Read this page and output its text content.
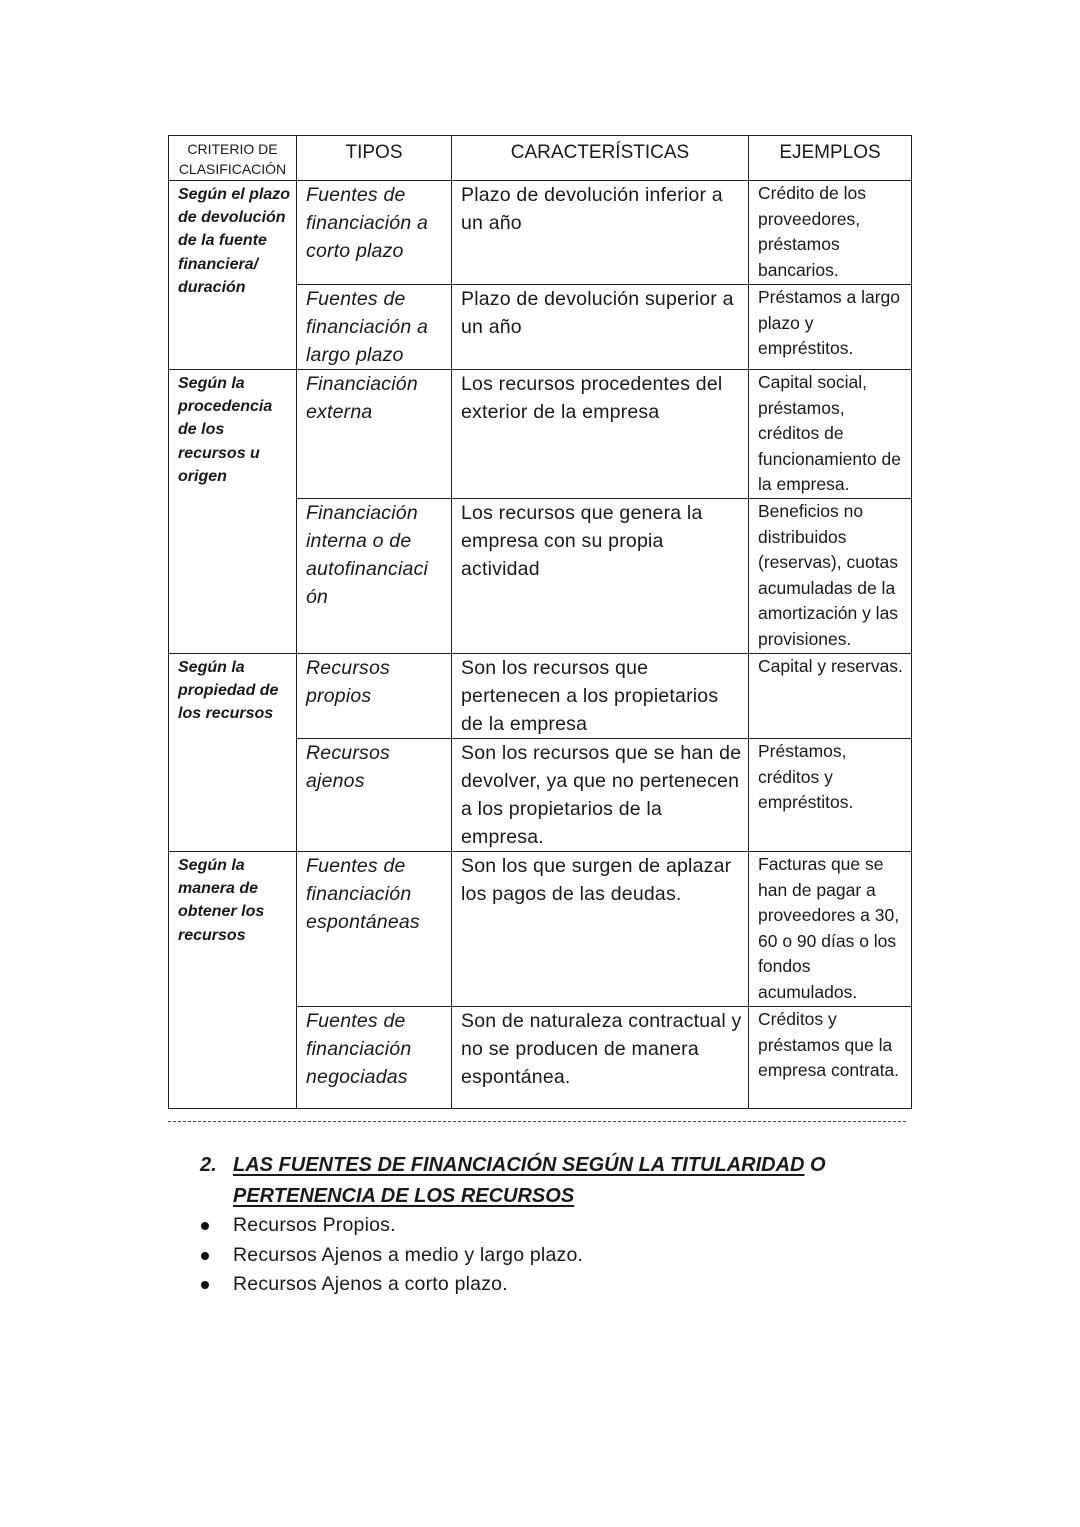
CRITERIO DE CLASIFICACIÓN	TIPOS	CARACTERÍSTICAS	EJEMPLOS
Según el plazo de devolución de la fuente financiera/ duración	Fuentes de financiación a corto plazo	Plazo de devolución inferior a un año	Crédito de los proveedores, préstamos bancarios.
	Fuentes de financiación a largo plazo	Plazo de devolución superior a un año	Préstamos a largo plazo y empréstitos.
Según la procedencia de los recursos u origen	Financiación externa	Los recursos procedentes del exterior de la empresa	Capital social, préstamos, créditos de funcionamiento de la empresa.
	Financiación interna o de autofinanciaci ón	Los recursos que genera la empresa con su propia actividad	Beneficios no distribuidos (reservas), cuotas acumuladas de la amortización y las provisiones.
Según la propiedad de los recursos	Recursos propios	Son los recursos que pertenecen a los propietarios de la empresa	Capital y reservas.
	Recursos ajenos	Son los recursos que se han de devolver, ya que no pertenecen a los propietarios de la empresa.	Préstamos, créditos y empréstitos.
Según la manera de obtener los recursos	Fuentes de financiación espontáneas	Son los que surgen de aplazar los pagos de las deudas.	Facturas que se han de pagar a proveedores a 30, 60 o 90 días o los fondos acumulados.
	Fuentes de financiación negociadas	Son de naturaleza contractual y no se producen de manera espontánea.	Créditos y préstamos que la empresa contrata.
2. LAS FUENTES DE FINANCIACIÓN SEGÚN LA TITULARIDAD O
PERTENENCIA DE LOS RECURSOS
Recursos Propios.
Recursos Ajenos a medio y largo plazo.
Recursos Ajenos a corto plazo.
